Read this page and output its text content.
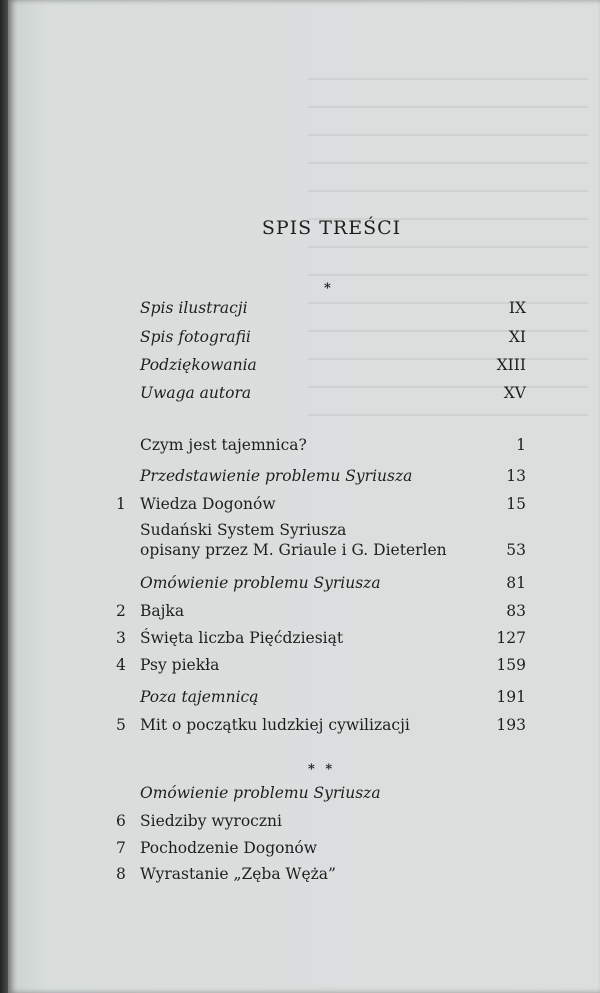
SPIS TREŚCI
*
Spis ilustracji	IX
Spis fotografii	XI
Podziękowania	XIII
Uwaga autora	XV
Czym jest tajemnica?	1
Przedstawienie problemu Syriusza	13
1 Wiedza Dogonów	15
Sudański System Syriusza
opisany przez M. Griaule i G. Dieterlen	53
Omówienie problemu Syriusza	81
2 Bajka	83
3 Święta liczba Pięćdziesiąt	127
4 Psy piekła	159
Poza tajemnicą	191
5 Mit o początku ludzkiej cywilizacji	193
* *
Omówienie problemu Syriusza
6 Siedziby wyroczni
7 Pochodzenie Dogonów
8 Wyrastanie „Zęba Węża”
